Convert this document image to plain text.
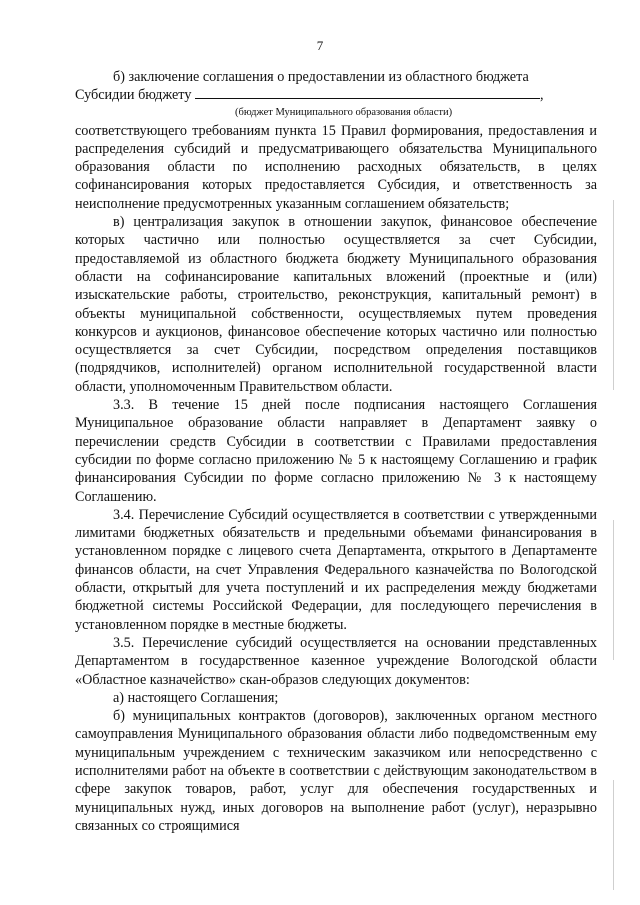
7

б) заключение соглашения о предоставлении из областного бюджета

Субсидии бюджету	,

(бюджет Муниципального образования области)

соответствующего требованиям пункта 15 Правил формирования, предоставления и распределения субсидий и предусматривающего обязательства Муниципального образования области по исполнению расходных обязательств, в целях софинансирования которых предоставляется Субсидия, и ответственность за неисполнение предусмотренных указанным соглашением обязательств;

в) централизация закупок в отношении закупок, финансовое обеспечение которых частично или полностью осуществляется за счет Субсидии, предоставляемой из областного бюджета бюджету Муниципального образования области на софинансирование капитальных вложений (проектные и (или) изыскательские работы, строительство, реконструкция, капитальный ремонт) в объекты муниципальной собственности, осуществляемых путем проведения конкурсов и аукционов, финансовое обеспечение которых частично или полностью осуществляется за счет Субсидии, посредством определения поставщиков (подрядчиков, исполнителей) органом исполнительной государственной власти области, уполномоченным Правительством области.

3.3. В течение 15 дней после подписания настоящего Соглашения Муниципальное образование области направляет в Департамент заявку о перечислении средств Субсидии в соответствии с Правилами предоставления субсидии по форме согласно приложению № 5 к настоящему Соглашению и график финансирования Субсидии по форме согласно приложению № 3 к настоящему Соглашению.

3.4. Перечисление Субсидий осуществляется в соответствии с утвержденными лимитами бюджетных обязательств и предельными объемами финансирования в установленном порядке с лицевого счета Департамента, открытого в Департаменте финансов области, на счет Управления Федерального казначейства по Вологодской области, открытый для учета поступлений и их распределения между бюджетами бюджетной системы Российской Федерации, для последующего перечисления в установленном порядке в местные бюджеты.

3.5. Перечисление субсидий осуществляется на основании представленных Департаментом в государственное казенное учреждение Вологодской области «Областное казначейство» скан-образов следующих документов:

а) настоящего Соглашения;

б) муниципальных контрактов (договоров), заключенных органом местного самоуправления Муниципального образования области либо подведомственным ему муниципальным учреждением с техническим заказчиком или непосредственно с исполнителями работ на объекте в соответствии с действующим законодательством в сфере закупок товаров, работ, услуг для обеспечения государственных и муниципальных нужд, иных договоров на выполнение работ (услуг), неразрывно связанных со строящимися
